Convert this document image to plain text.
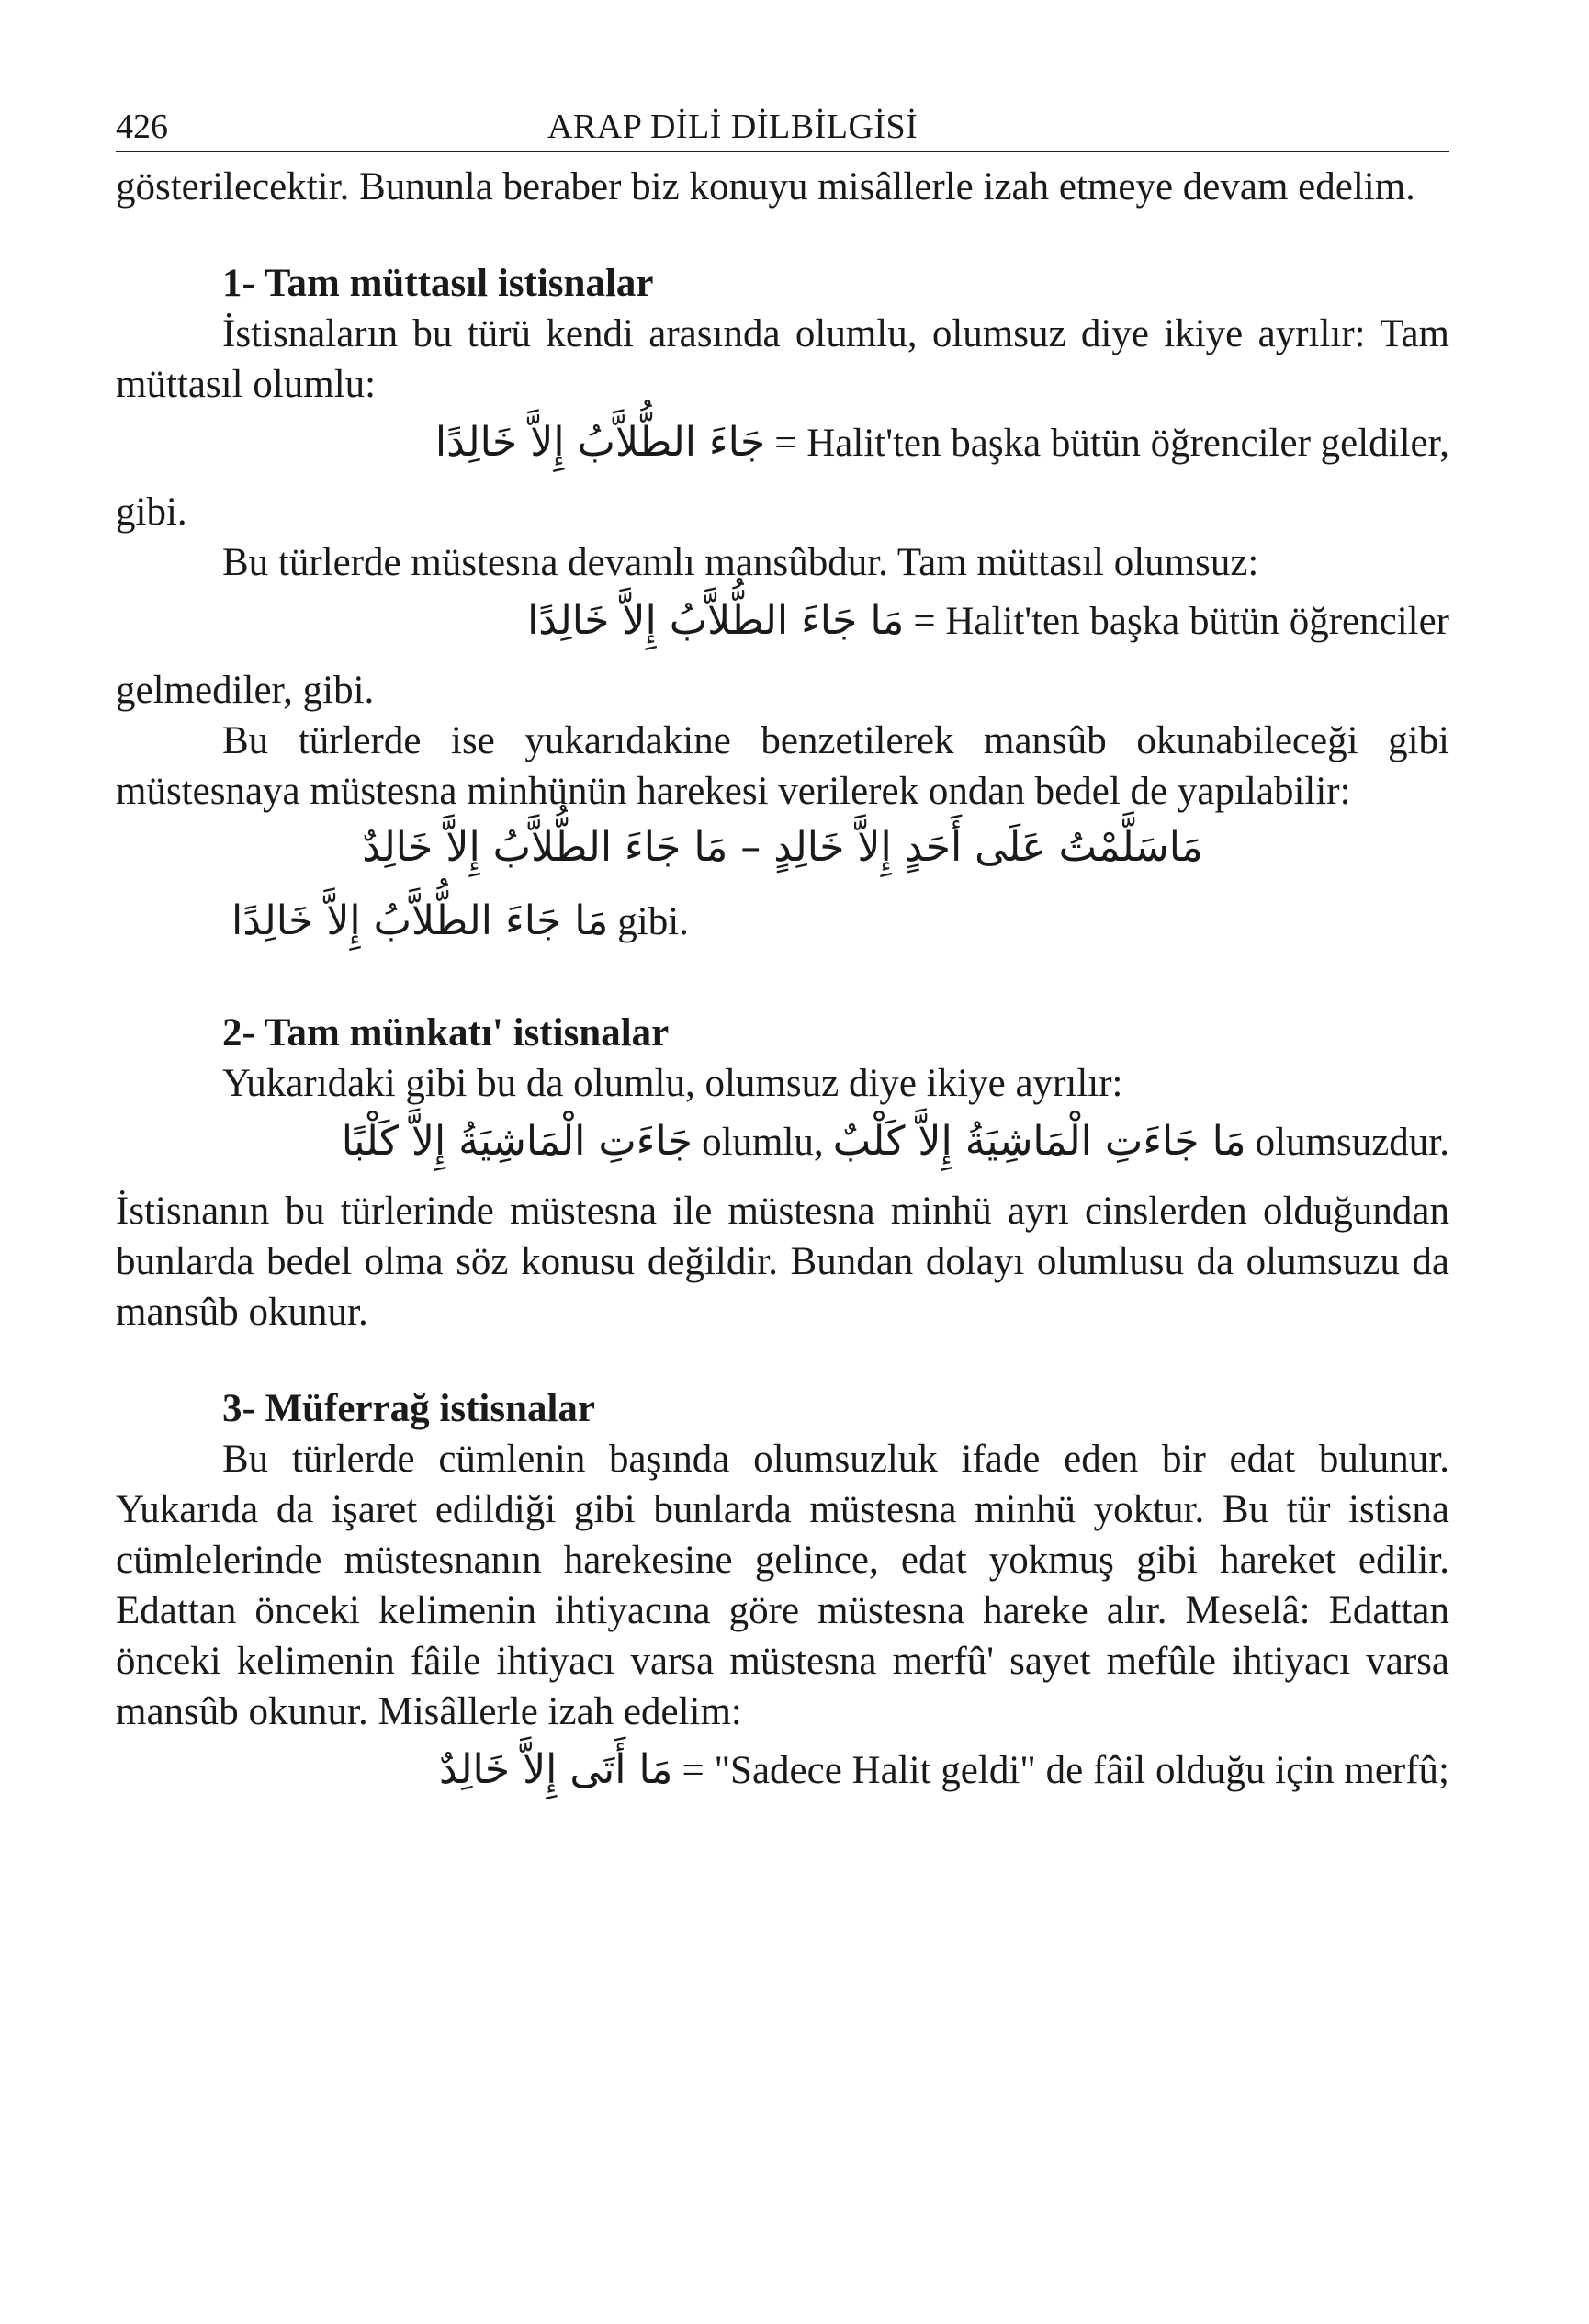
426	ARAP DİLİ DİLBİLGİSİ

gösterilecektir. Bununla beraber biz konuyu misâllerle izah etmeye devam edelim.

1- Tam müttasıl istisnalar

İstisnaların bu türü kendi arasında olumlu, olumsuz diye ikiye ayrılır: Tam müttasıl olumlu:

جَاءَ الطُّلاَّبُ إِلاَّ خَالِدًا = Halit'ten başka bütün öğrenciler geldiler,

gibi.

Bu türlerde müstesna devamlı mansûbdur. Tam müttasıl olumsuz:

مَا جَاءَ الطُّلاَّبُ إِلاَّ خَالِدًا = Halit'ten başka bütün öğrenciler

gelmediler, gibi.

Bu türlerde ise yukarıdakine benzetilerek mansûb okunabileceği gibi müstesnaya müstesna minhünün harekesi verilerek ondan bedel de yapılabilir:

مَاسَلَّمْتُ عَلَى أَحَدٍ إِلاَّ خَالِدٍ – مَا جَاءَ الطُّلاَّبُ إِلاَّ خَالِدٌ
مَا جَاءَ الطُّلاَّبُ إِلاَّ خَالِدًا gibi.
2- Tam münkatı' istisnalar

Yukarıdaki gibi bu da olumlu, olumsuz diye ikiye ayrılır:

جَاءَتِ الْمَاشِيَةُ إِلاَّ كَلْبًا olumlu, مَا جَاءَتِ الْمَاشِيَةُ إِلاَّ كَلْبٌ olumsuzdur.

İstisnanın bu türlerinde müstesna ile müstesna minhü ayrı cinslerden olduğundan bunlarda bedel olma söz konusu değildir. Bundan dolayı olumlusu da olumsuzu da mansûb okunur.

3- Müferrağ istisnalar

Bu türlerde cümlenin başında olumsuzluk ifade eden bir edat bulunur. Yukarıda da işaret edildiği gibi bunlarda müstesna minhü yoktur. Bu tür istisna cümlelerinde müstesnanın harekesine gelince, edat yokmuş gibi hareket edilir. Edattan önceki kelimenin ihtiyacına göre müstesna hareke alır. Meselâ: Edattan önceki kelimenin fâile ihtiyacı varsa müstesna merfû' sayet mefûle ihtiyacı varsa mansûb okunur. Misâllerle izah edelim:

مَا أَتَى إِلاَّ خَالِدٌ = "Sadece Halit geldi" de fâil olduğu için merfû;
